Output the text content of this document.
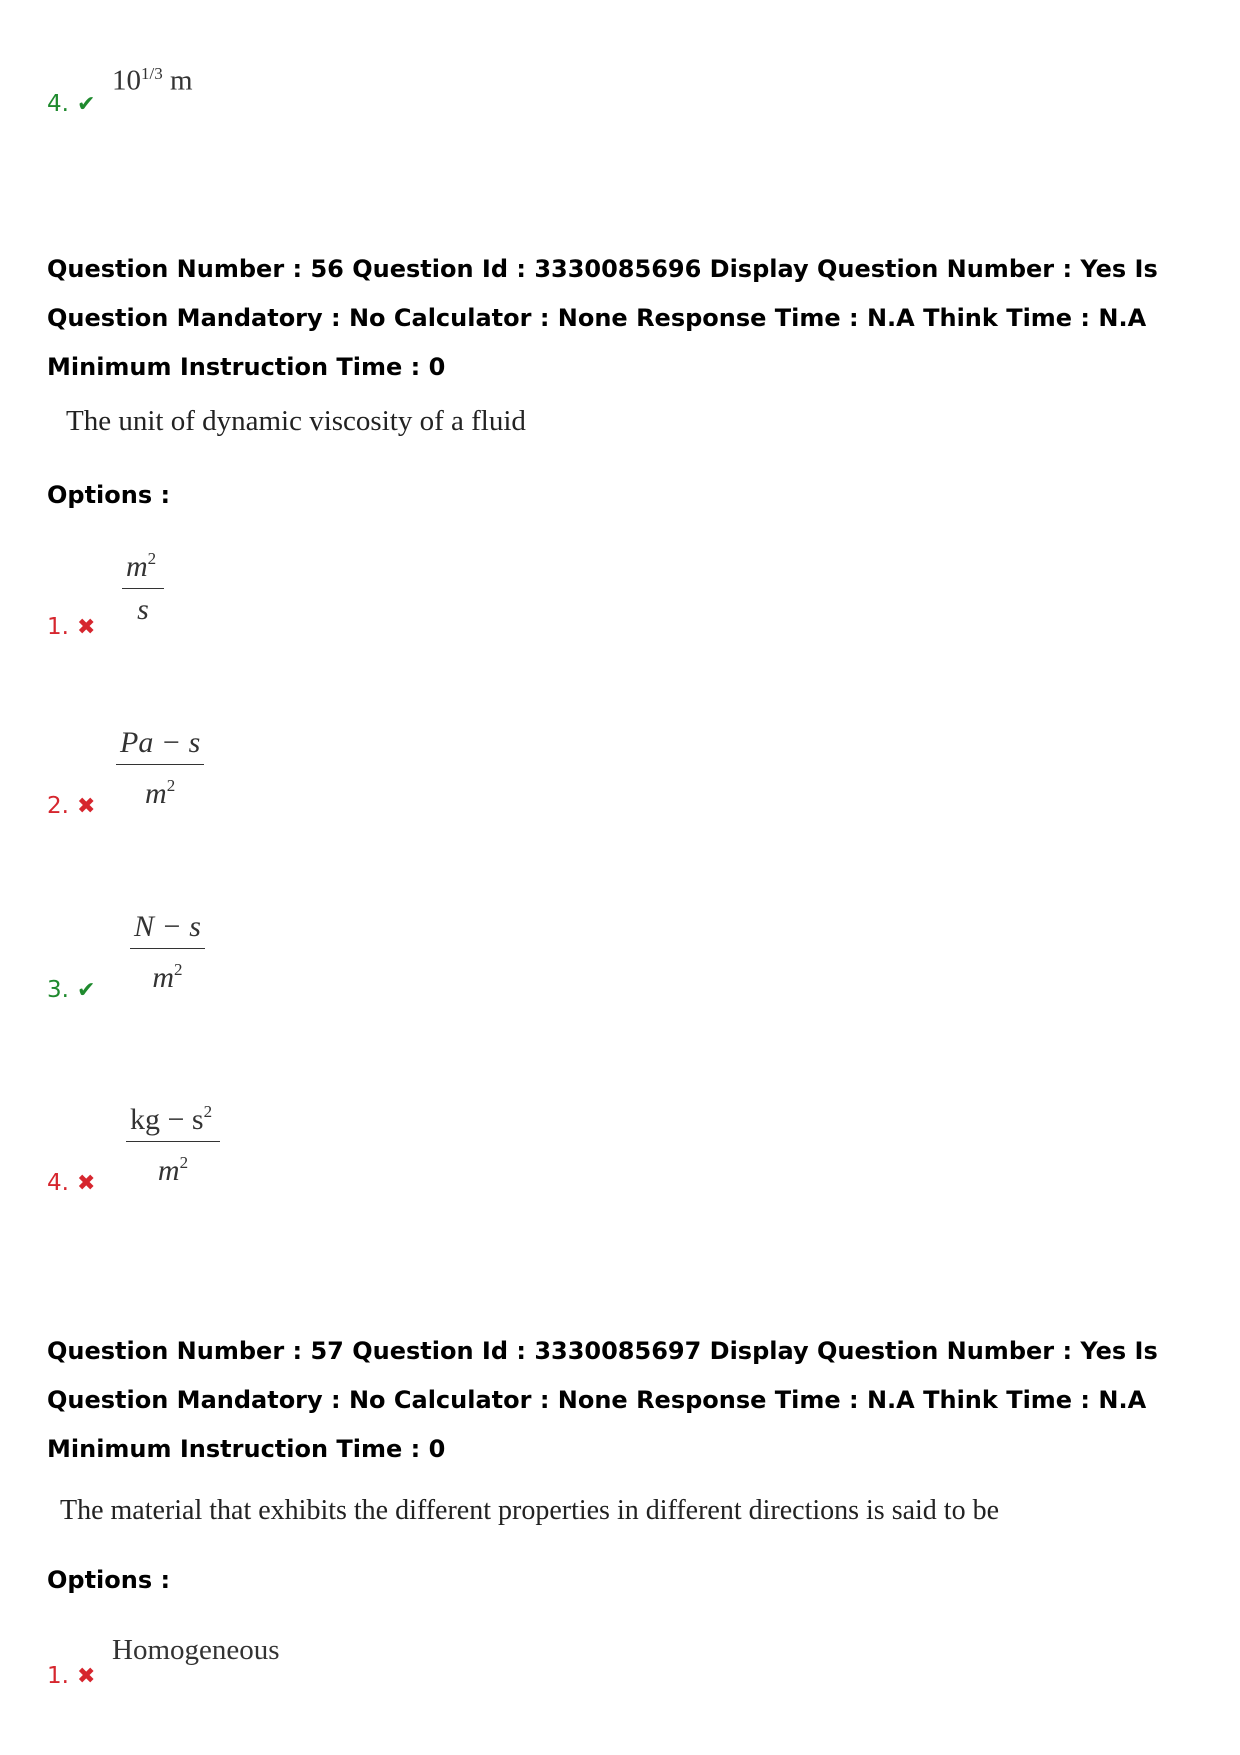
4. ✔
$10^{1/3}$ m

Question Number : 56 Question Id : 3330085696 Display Question Number : Yes Is Question Mandatory : No Calculator : None Response Time : N.A Think Time : N.A Minimum Instruction Time : 0

The unit of dynamic viscosity of a fluid
Options :
1. ✖
$\frac{m^2}{s}$
2. ✖ $\frac{Pa - s}{m^2}$
3. ✔ $\frac{N - s}{m^2}$
4. ✖ $\frac{kg - s^2}{m^2}$

Question Number : 57 Question Id : 3330085697 Display Question Number : Yes Is Question Mandatory : No Calculator : None Response Time : N.A Think Time : N.A Minimum Instruction Time : 0

The material that exhibits the different properties in different directions is said to be
Options :
1. ✖
Homogeneous
